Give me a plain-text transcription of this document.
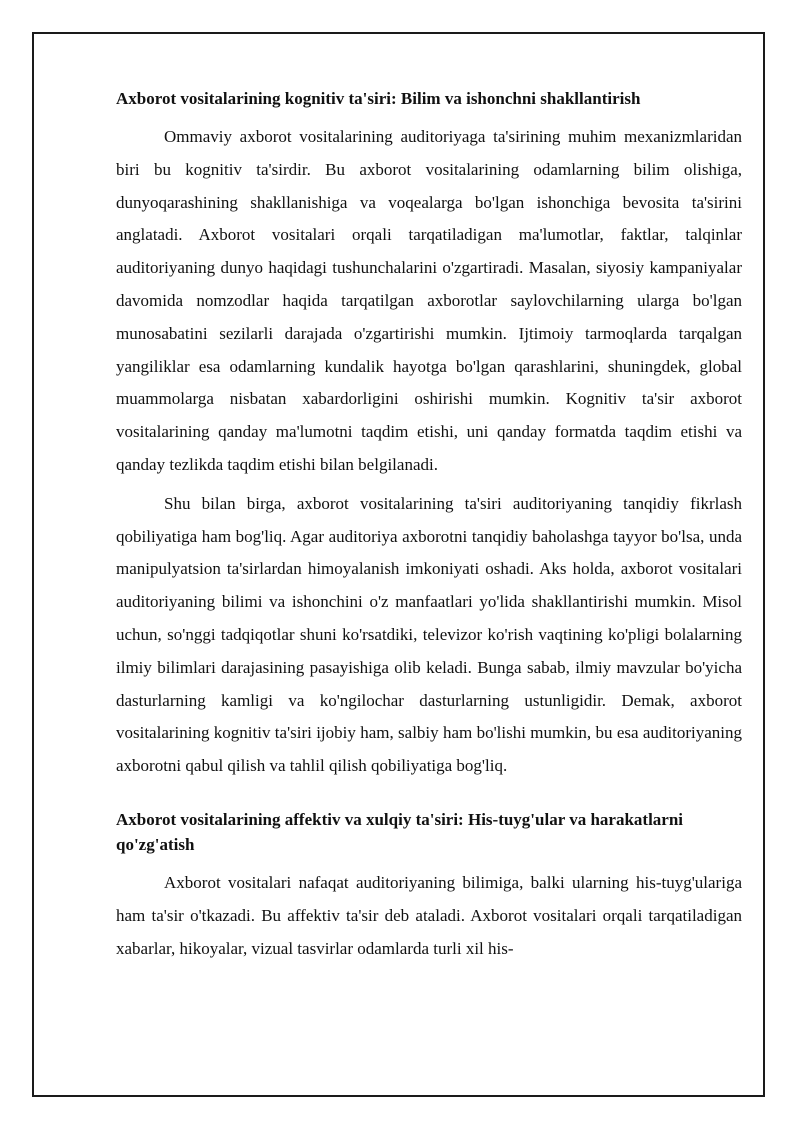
Axborot vositalarining kognitiv ta'siri: Bilim va ishonchni shakllantirish

Ommaviy axborot vositalarining auditoriyaga ta'sirining muhim mexanizmlaridan biri bu kognitiv ta'sirdir. Bu axborot vositalarining odamlarning bilim olishiga, dunyoqarashining shakllanishiga va voqealarga bo'lgan ishonchiga bevosita ta'sirini anglatadi. Axborot vositalari orqali tarqatiladigan ma'lumotlar, faktlar, talqinlar auditoriyaning dunyo haqidagi tushunchalarini o'zgartiradi. Masalan, siyosiy kampaniyalar davomida nomzodlar haqida tarqatilgan axborotlar saylovchilarning ularga bo'lgan munosabatini sezilarli darajada o'zgartirishi mumkin. Ijtimoiy tarmoqlarda tarqalgan yangiliklar esa odamlarning kundalik hayotga bo'lgan qarashlarini, shuningdek, global muammolarga nisbatan xabardorligini oshirishi mumkin. Kognitiv ta'sir axborot vositalarining qanday ma'lumotni taqdim etishi, uni qanday formatda taqdim etishi va qanday tezlikda taqdim etishi bilan belgilanadi.

Shu bilan birga, axborot vositalarining ta'siri auditoriyaning tanqidiy fikrlash qobiliyatiga ham bog'liq. Agar auditoriya axborotni tanqidiy baholashga tayyor bo'lsa, unda manipulyatsion ta'sirlardan himoyalanish imkoniyati oshadi. Aks holda, axborot vositalari auditoriyaning bilimi va ishonchini o'z manfaatlari yo'lida shakllantirishi mumkin. Misol uchun, so'nggi tadqiqotlar shuni ko'rsatdiki, televizor ko'rish vaqtining ko'pligi bolalarning ilmiy bilimlari darajasining pasayishiga olib keladi. Bunga sabab, ilmiy mavzular bo'yicha dasturlarning kamligi va ko'ngilochar dasturlarning ustunligidir. Demak, axborot vositalarining kognitiv ta'siri ijobiy ham, salbiy ham bo'lishi mumkin, bu esa auditoriyaning axborotni qabul qilish va tahlil qilish qobiliyatiga bog'liq.

Axborot vositalarining affektiv va xulqiy ta'siri: His-tuyg'ular va harakatlarni qo'zg'atish

Axborot vositalari nafaqat auditoriyaning bilimiga, balki ularning his-tuyg'ulariga ham ta'sir o'tkazadi. Bu affektiv ta'sir deb ataladi. Axborot vositalari orqali tarqatiladigan xabarlar, hikoyalar, vizual tasvirlar odamlarda turli xil his-
